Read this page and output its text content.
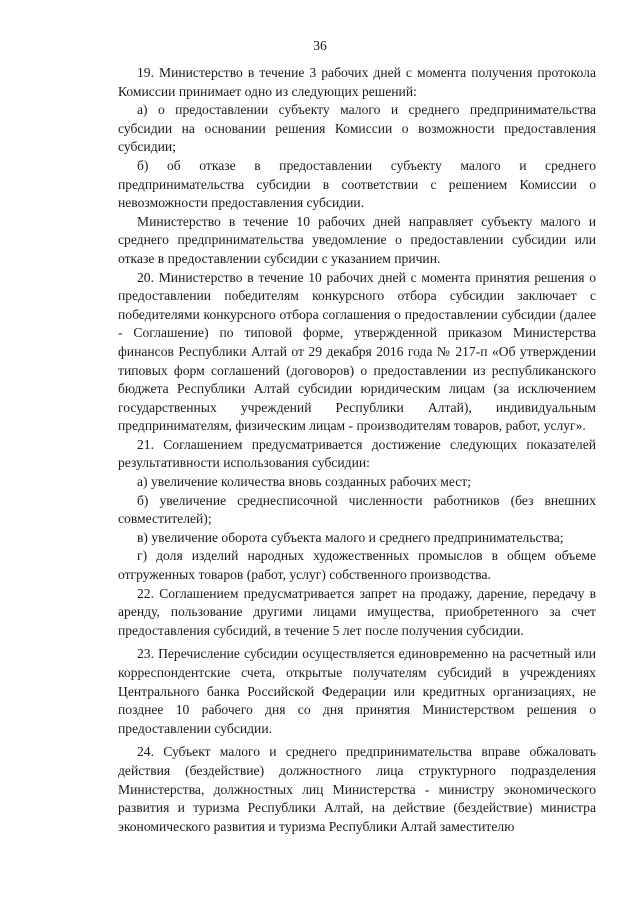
36

19. Министерство в течение 3 рабочих дней с момента получения протокола Комиссии принимает одно из следующих решений:

а) о предоставлении субъекту малого и среднего предпринимательства субсидии на основании решения Комиссии о возможности предоставления субсидии;

б) об отказе в предоставлении субъекту малого и среднего предпринимательства субсидии в соответствии с решением Комиссии о невозможности предоставления субсидии.

Министерство в течение 10 рабочих дней направляет субъекту малого и среднего предпринимательства уведомление о предоставлении субсидии или отказе в предоставлении субсидии с указанием причин.

20. Министерство в течение 10 рабочих дней с момента принятия решения о предоставлении победителям конкурсного отбора субсидии заключает с победителями конкурсного отбора соглашения о предоставлении субсидии (далее - Соглашение) по типовой форме, утвержденной приказом Министерства финансов Республики Алтай от 29 декабря 2016 года № 217-п «Об утверждении типовых форм соглашений (договоров) о предоставлении из республиканского бюджета Республики Алтай субсидии юридическим лицам (за исключением государственных учреждений Республики Алтай), индивидуальным предпринимателям, физическим лицам - производителям товаров, работ, услуг».

21. Соглашением предусматривается достижение следующих показателей результативности использования субсидии:

а) увеличение количества вновь созданных рабочих мест;

б) увеличение среднесписочной численности работников (без внешних совместителей);

в) увеличение оборота субъекта малого и среднего предпринимательства;

г) доля изделий народных художественных промыслов в общем объеме отгруженных товаров (работ, услуг) собственного производства.

22. Соглашением предусматривается запрет на продажу, дарение, передачу в аренду, пользование другими лицами имущества, приобретенного за счет предоставления субсидий, в течение 5 лет после получения субсидии.

23. Перечисление субсидии осуществляется единовременно на расчетный или корреспондентские счета, открытые получателям субсидий в учреждениях Центрального банка Российской Федерации или кредитных организациях, не позднее 10 рабочего дня со дня принятия Министерством решения о предоставлении субсидии.

24. Субъект малого и среднего предпринимательства вправе обжаловать действия (бездействие) должностного лица структурного подразделения Министерства, должностных лиц Министерства - министру экономического развития и туризма Республики Алтай, на действие (бездействие) министра экономического развития и туризма Республики Алтай заместителю
